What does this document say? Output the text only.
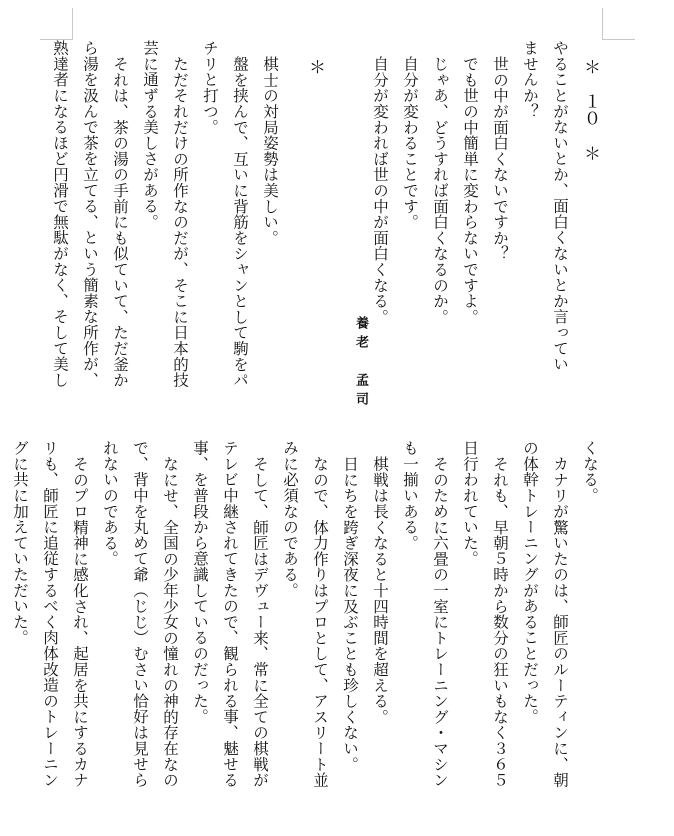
＊　１０　＊
やることがないとか、面白くないとか言ってい
ませんか？
世の中が面白くないですか？
でも世の中簡単に変わらないですよ。
じゃあ、どうすれば面白くなるのか。
自分が変わることです。
自分が変われば世の中が面白くなる。
養老　孟司
＊
棋士の対局姿勢は美しい。
盤を挟んで、互いに背筋をシャンとして駒をパ
チリと打つ。
ただそれだけの所作なのだが、そこに日本的技
芸に通ずる美しさがある。
それは、茶の湯の手前にも似ていて、ただ釜か
ら湯を汲んで茶を立てる、という簡素な所作が、
熟達者になるほど円滑で無駄がなく、そして美し
くなる。
カナリが驚いたのは、師匠のルーティンに、朝
の体幹トレーニングがあることだった。
それも、早朝５時から数分の狂いもなく３６５
日行われていた。
そのために六畳の一室にトレーニング・マシン
も一揃いある。
棋戦は長くなると十四時間を超える。
日にちを跨ぎ深夜に及ぶことも珍しくない。
なので、体力作りはプロとして、アスリート並
みに必須なのである。
そして、師匠はデヴュー来、常に全ての棋戦が
テレビ中継されてきたので、観られる事、魅せる
事、を普段から意識しているのだった。
なにせ、全国の少年少女の憧れの神的存在なの
で、背中を丸めて爺（じじ）むさい恰好は見せら
れないのである。
そのプロ精神に感化され、起居を共にするカナ
リも、師匠に追従するべく肉体改造のトレーニン
グに共に加えていただいた。
